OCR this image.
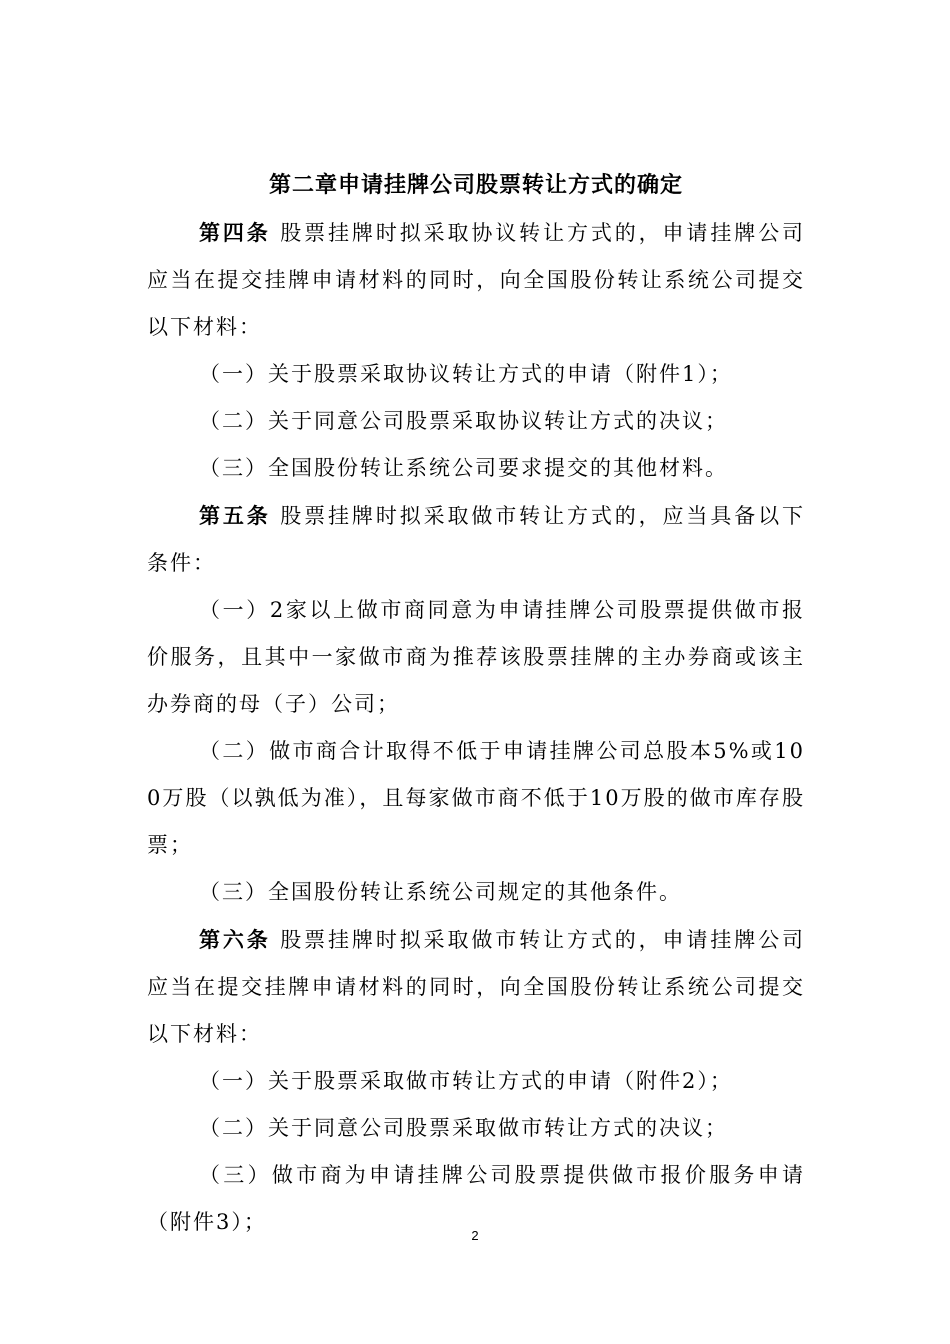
第二章申请挂牌公司股票转让方式的确定

第四条 股票挂牌时拟采取协议转让方式的，申请挂牌公司应当在提交挂牌申请材料的同时，向全国股份转让系统公司提交以下材料：

（一）关于股票采取协议转让方式的申请（附件1）；

（二）关于同意公司股票采取协议转让方式的决议；

（三）全国股份转让系统公司要求提交的其他材料。

第五条 股票挂牌时拟采取做市转让方式的，应当具备以下条件：

（一）2家以上做市商同意为申请挂牌公司股票提供做市报价服务，且其中一家做市商为推荐该股票挂牌的主办券商或该主办券商的母（子）公司；

（二）做市商合计取得不低于申请挂牌公司总股本5%或100万股（以孰低为准），且每家做市商不低于10万股的做市库存股票；

（三）全国股份转让系统公司规定的其他条件。

第六条 股票挂牌时拟采取做市转让方式的，申请挂牌公司应当在提交挂牌申请材料的同时，向全国股份转让系统公司提交以下材料：

（一）关于股票采取做市转让方式的申请（附件2）；

（二）关于同意公司股票采取做市转让方式的决议；

（三）做市商为申请挂牌公司股票提供做市报价服务申请（附件3）；

2
